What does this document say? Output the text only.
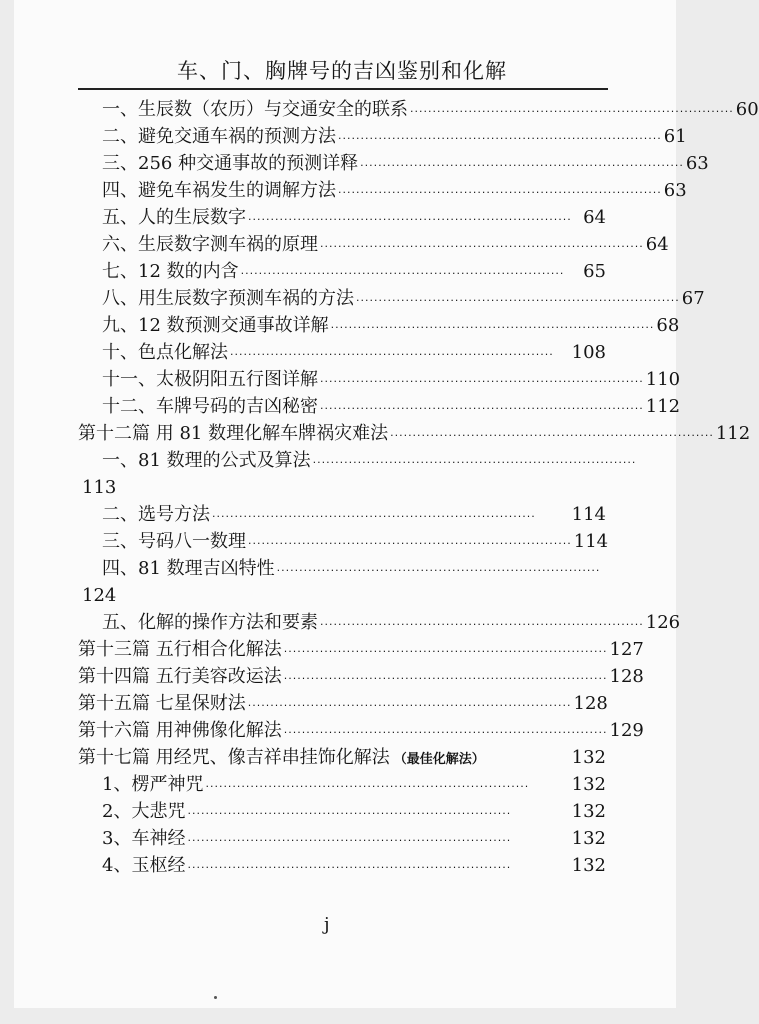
车、门、胸牌号的吉凶鉴别和化解
一、生辰数（农历）与交通安全的联系 ········································································ 60
二、避免交通车祸的预测方法 ········································································ 61
三、256 种交通事故的预测详释 ········································································ 63
四、避免车祸发生的调解方法 ········································································ 63
五、人的生辰数字 ········································································ 64
六、生辰数字测车祸的原理 ········································································ 64
七、12 数的内含 ········································································	65
八、用生辰数字预测车祸的方法 ········································································ 67
九、12 数预测交通事故详解 ········································································ 68
十、色点化解法 ········································································ 108
十一、太极阴阳五行图详解 ········································································ 110
十二、车牌号码的吉凶秘密 ········································································ 112
第十二篇 用 81 数理化解车牌祸灾难法 ········································································ 112
一、81 数理的公式及算法 ········································································
113
二、选号方法 ········································································	114
三、号码八一数理 ········································································ 114
四、81 数理吉凶特性 ········································································
124
五、化解的操作方法和要素 ········································································ 126
第十三篇 五行相合化解法 ········································································ 127
第十四篇 五行美容改运法 ········································································ 128
第十五篇 七星保财法 ········································································ 128
第十六篇 用神佛像化解法 ········································································ 129
第十七篇 用经咒、像吉祥串挂饰化解法 （最佳化解法）	132
1、楞严神咒 ········································································	132
2、大悲咒 ········································································	132
3、车神经 ········································································	132
4、玉枢经 ········································································	132
j
